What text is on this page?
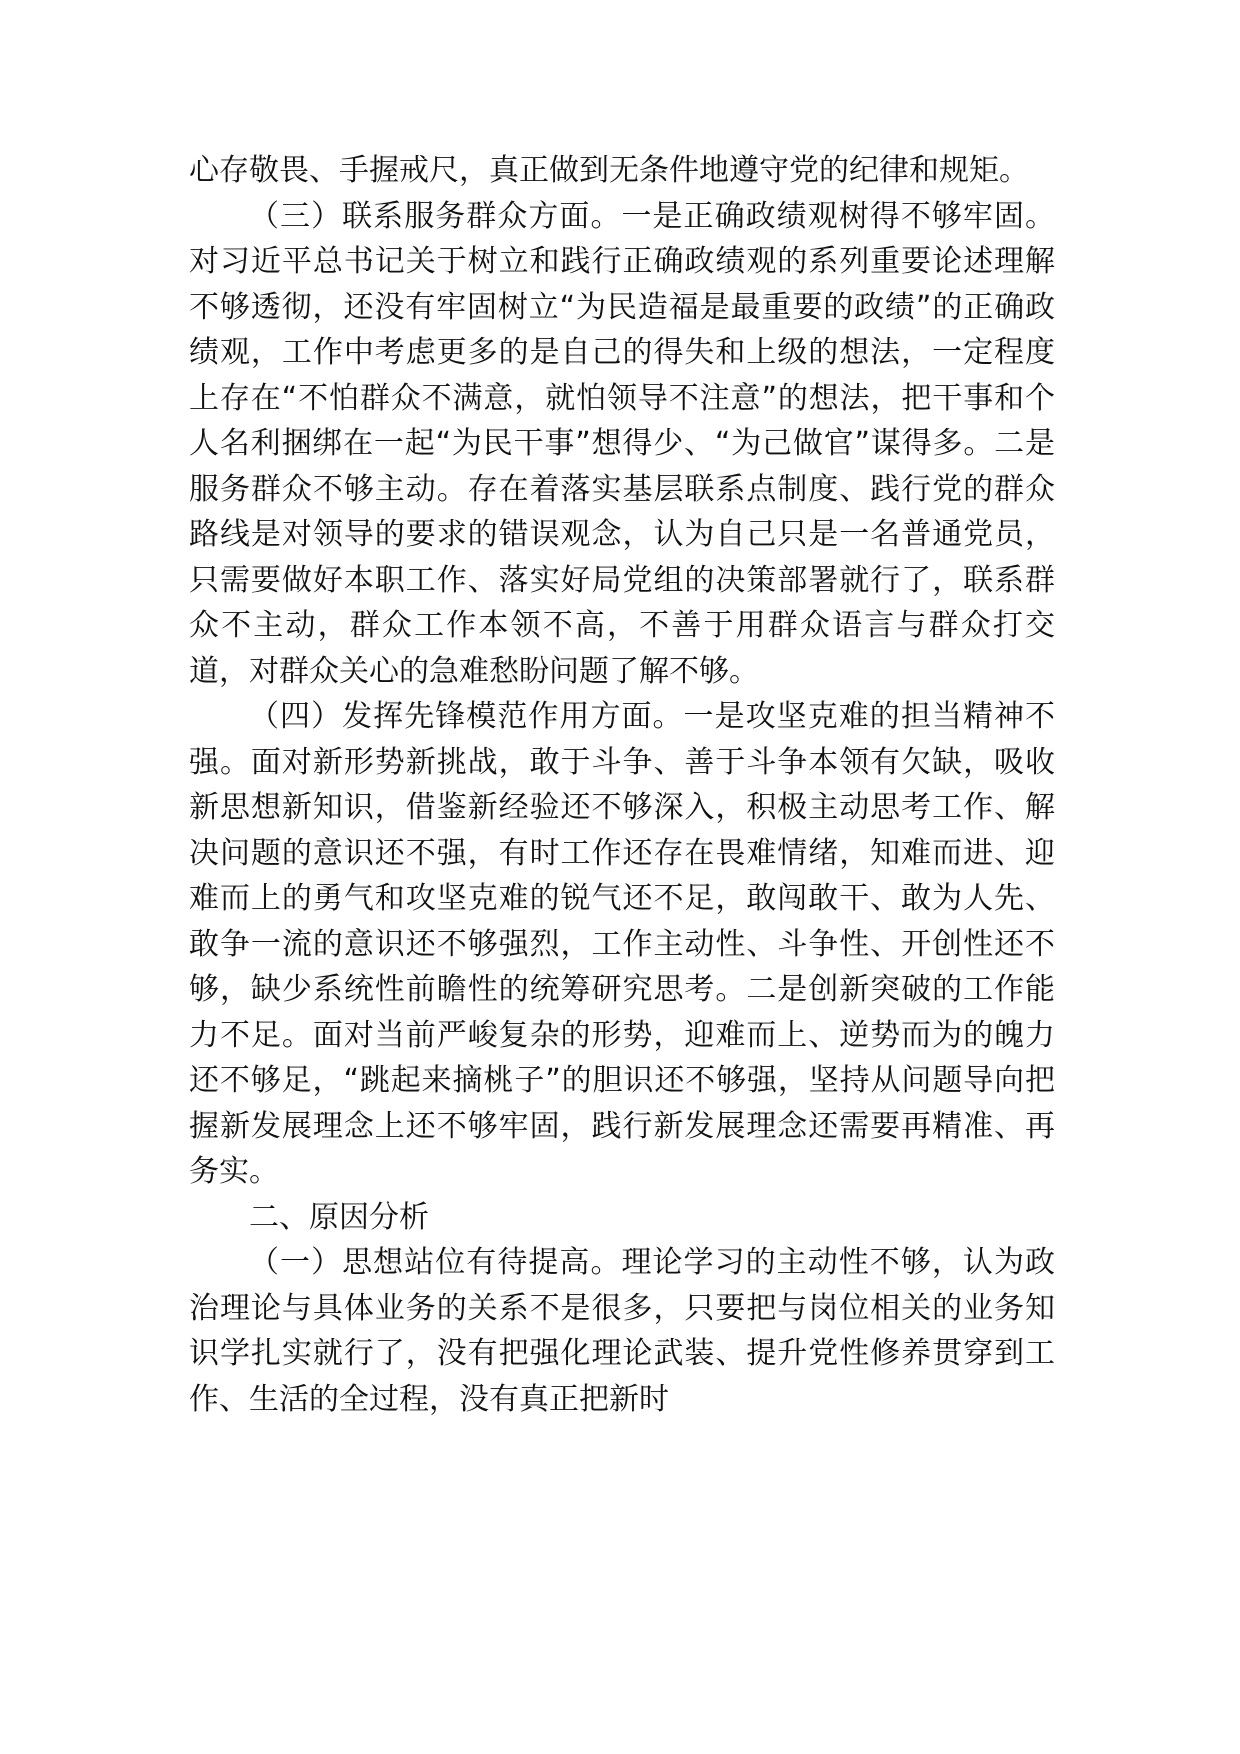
心存敬畏、手握戒尺，真正做到无条件地遵守党的纪律和规矩。

（三）联系服务群众方面。一是正确政绩观树得不够牢固。对习近平总书记关于树立和践行正确政绩观的系列重要论述理解不够透彻，还没有牢固树立“为民造福是最重要的政绩”的正确政绩观，工作中考虑更多的是自己的得失和上级的想法，一定程度上存在“不怕群众不满意，就怕领导不注意”的想法，把干事和个人名利捆绑在一起“为民干事”想得少、“为己做官”谋得多。二是服务群众不够主动。存在着落实基层联系点制度、践行党的群众路线是对领导的要求的错误观念，认为自己只是一名普通党员，只需要做好本职工作、落实好局党组的决策部署就行了，联系群众不主动，群众工作本领不高，不善于用群众语言与群众打交道，对群众关心的急难愁盼问题了解不够。

（四）发挥先锋模范作用方面。一是攻坚克难的担当精神不强。面对新形势新挑战，敢于斗争、善于斗争本领有欠缺，吸收新思想新知识，借鉴新经验还不够深入，积极主动思考工作、解决问题的意识还不强，有时工作还存在畏难情绪，知难而进、迎难而上的勇气和攻坚克难的锐气还不足，敢闯敢干、敢为人先、敢争一流的意识还不够强烈，工作主动性、斗争性、开创性还不够，缺少系统性前瞻性的统筹研究思考。二是创新突破的工作能力不足。面对当前严峻复杂的形势，迎难而上、逆势而为的魄力还不够足，“跳起来摘桃子”的胆识还不够强，坚持从问题导向把握新发展理念上还不够牢固，践行新发展理念还需要再精准、再务实。

二、原因分析

（一）思想站位有待提高。理论学习的主动性不够，认为政治理论与具体业务的关系不是很多，只要把与岗位相关的业务知识学扎实就行了，没有把强化理论武装、提升党性修养贯穿到工作、生活的全过程，没有真正把新时
